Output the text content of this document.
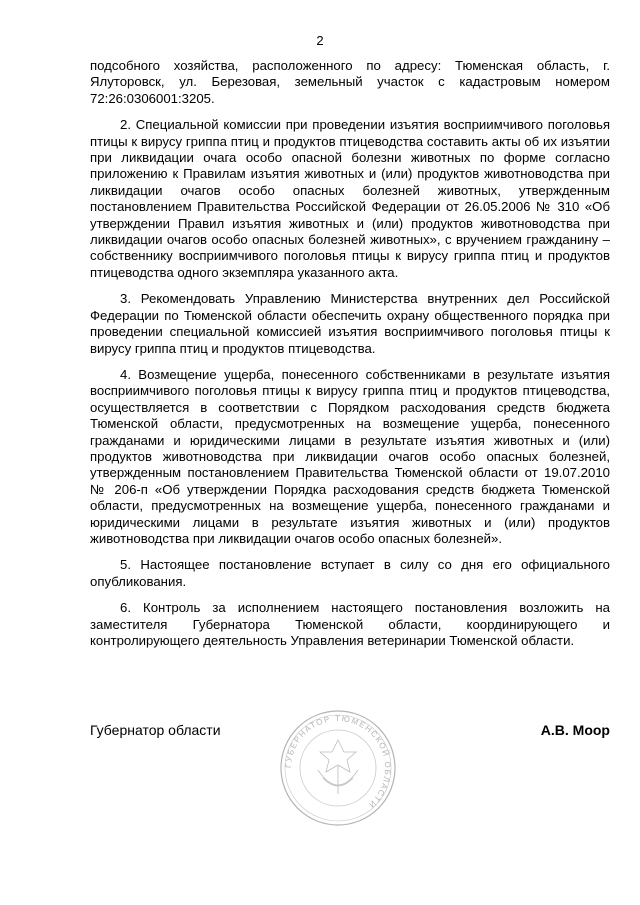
2

подсобного хозяйства, расположенного по адресу: Тюменская область, г. Ялуторовск, ул. Березовая, земельный участок с кадастровым номером 72:26:0306001:3205.

2. Специальной комиссии при проведении изъятия восприимчивого поголовья птицы к вирусу гриппа птиц и продуктов птицеводства составить акты об их изъятии при ликвидации очага особо опасной болезни животных по форме согласно приложению к Правилам изъятия животных и (или) продуктов животноводства при ликвидации очагов особо опасных болезней животных, утвержденным постановлением Правительства Российской Федерации от 26.05.2006 № 310 «Об утверждении Правил изъятия животных и (или) продуктов животноводства при ликвидации очагов особо опасных болезней животных», с вручением гражданину – собственнику восприимчивого поголовья птицы к вирусу гриппа птиц и продуктов птицеводства одного экземпляра указанного акта.

3. Рекомендовать Управлению Министерства внутренних дел Российской Федерации по Тюменской области обеспечить охрану общественного порядка при проведении специальной комиссией изъятия восприимчивого поголовья птицы к вирусу гриппа птиц и продуктов птицеводства.

4. Возмещение ущерба, понесенного собственниками в результате изъятия восприимчивого поголовья птицы к вирусу гриппа птиц и продуктов птицеводства, осуществляется в соответствии с Порядком расходования средств бюджета Тюменской области, предусмотренных на возмещение ущерба, понесенного гражданами и юридическими лицами в результате изъятия животных и (или) продуктов животноводства при ликвидации очагов особо опасных болезней, утвержденным постановлением Правительства Тюменской области от 19.07.2010 № 206-п «Об утверждении Порядка расходования средств бюджета Тюменской области, предусмотренных на возмещение ущерба, понесенного гражданами и юридическими лицами в результате изъятия животных и (или) продуктов животноводства при ликвидации очагов особо опасных болезней».

5. Настоящее постановление вступает в силу со дня его официального опубликования.

6. Контроль за исполнением настоящего постановления возложить на заместителя Губернатора Тюменской области, координирующего и контролирующего деятельность Управления ветеринарии Тюменской области.

Губернатор области
ГУБЕРНАТОР ТЮМЕНСКОЙ ОБЛАСТИ
А.В. Моор
